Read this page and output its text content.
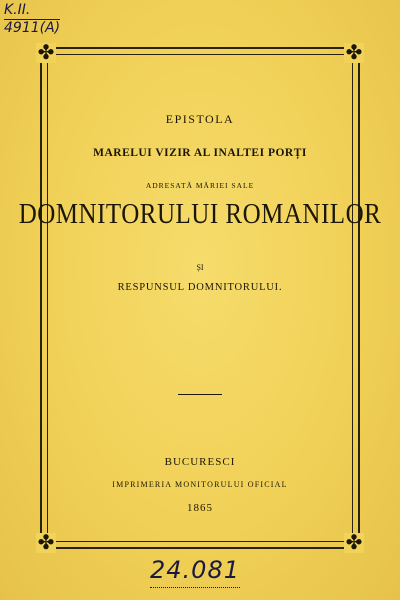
✤	✤
✤	✤
K.II.
4911(A)
EPISTOLA
MARELUI VIZIR AL INALTEI PORȚI
ADRESATĂ MĂRIEI SALE
DOMNITORULUI ROMANILOR
ȘI
RESPUNSUL DOMNITORULUI.
BUCURESCI
IMPRIMERIA MONITORULUI OFICIAL
1865
24.081
